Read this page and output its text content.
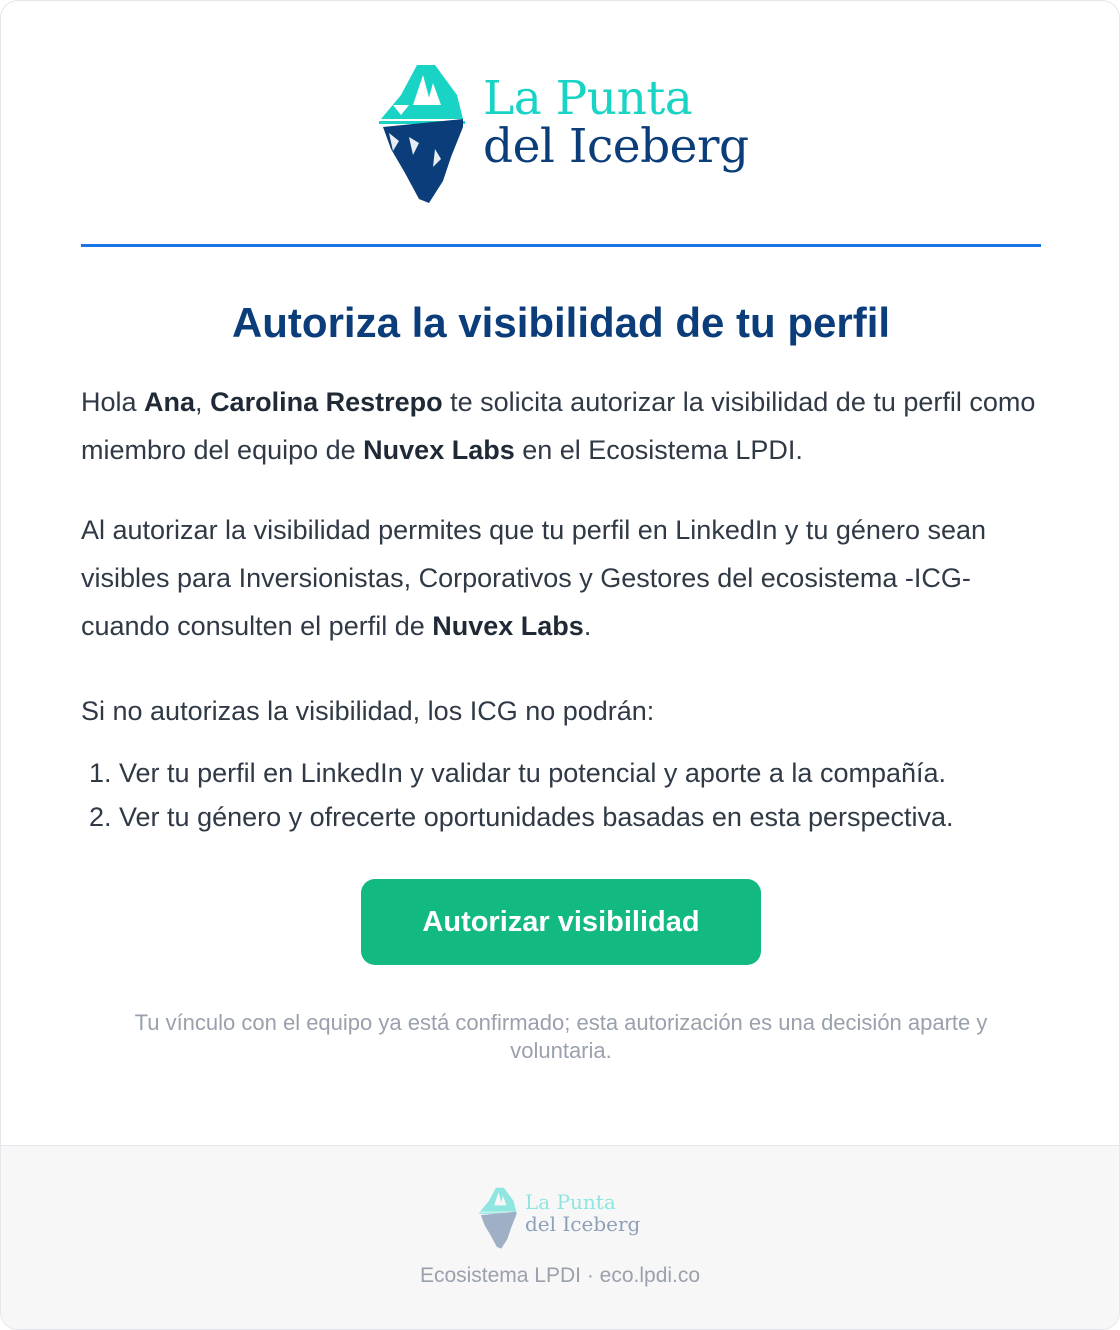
La Punta
del Iceberg
Autoriza la visibilidad de tu perfil

Hola Ana, Carolina Restrepo te solicita autorizar la visibilidad de tu perfil como miembro del equipo de Nuvex Labs en el Ecosistema LPDI.

Al autorizar la visibilidad permites que tu perfil en LinkedIn y tu género sean visibles para Inversionistas, Corporativos y Gestores del ecosistema -ICG- cuando consulten el perfil de Nuvex Labs.

Si no autorizas la visibilidad, los ICG no podrán:

1. Ver tu perfil en LinkedIn y validar tu potencial y aporte a la compañía.
2. Ver tu género y ofrecerte oportunidades basadas en esta perspectiva.
Autorizar visibilidad

Tu vínculo con el equipo ya está confirmado; esta autorización es una decisión aparte y voluntaria.

La Punta
del Iceberg

Ecosistema LPDI · eco.lpdi.co
